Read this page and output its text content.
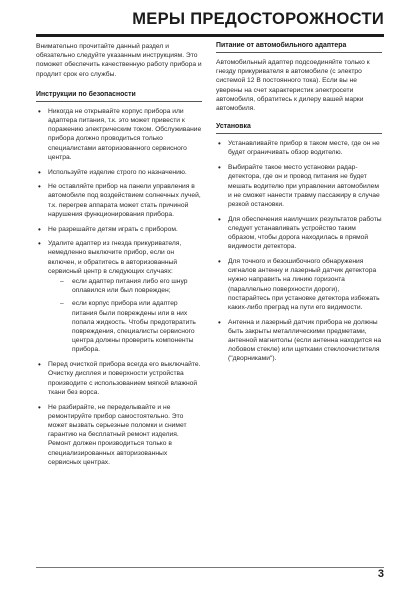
МЕРЫ ПРЕДОСТОРОЖНОСТИ

Внимательно прочитайте данный раздел и обязательно следуйте указанным инструкциям. Это поможет обеспечить качественную работу прибора и продлит срок его службы.

Инструкции по безопасности
• Никогда не открывайте корпус прибора или адаптера питания, т.к. это может привести к поражению электрическим током. Обслуживание прибора должно проводиться только специалистами авторизованного сервисного центра.
• Используйте изделие строго по назначению.
• Не оставляйте прибор на панели управления в автомобиле под воздействием солнечных лучей, т.к. перегрев аппарата может стать причиной нарушения функционирования прибора.
• Не разрешайте детям играть с прибором.
• Удалите адаптер из гнезда прикуривателя, немедленно выключите прибор, если он включен, и обратитесь в авторизованный сервисный центр в следующих случаях:
– если адаптер питания либо его шнур оплавился или был поврежден;
– если корпус прибора или адаптер питания были повреждены или в них попала жидкость. Чтобы предотвратить повреждения, специалисты сервисного центра должны проверить компоненты прибора.
• Перед очисткой прибора всегда его выключайте. Очистку дисплея и поверхности устройства производите с использованием мягкой влажной ткани без ворса.
• Не разбирайте, не переделывайте и не ремонтируйте прибор самостоятельно. Это может вызвать серьезные поломки и снимет гарантию на бесплатный ремонт изделия. Ремонт должен производиться только в специализированных авторизованных сервисных центрах.
Питание от автомобильного адаптера

Автомобильный адаптер подсоединяйте только к гнезду прикуривателя в автомобиле (с электро системой 12 В постоянного тока). Если вы не уверены на счет характеристик электросети автомобиля, обратитесь к дилеру вашей марки автомобиля.

Установка
• Устанавливайте прибор в таком месте, где он не будет ограничивать обзор водителю.
• Выбирайте такое место установки радар-детектора, где он и провод питания не будет мешать водителю при управлении автомобилем и не сможет нанести травму пассажиру в случае резкой остановки.
• Для обеспечения наилучших результатов работы следует устанавливать устройство таким образом, чтобы дорога находилась в прямой видимости детектора.
• Для точного и безошибочного обнаружения сигналов антенну и лазерный датчик детектора нужно направить на линию горизонта (параллельно поверхности дороги), постарайтесь при установке детектора избежать каких-либо преград на пути его видимости.
• Антенна и лазерный датчик прибора не должны быть закрыты металлическими предметами, антенной магнитолы (если антенна находится на лобовом стекле) или щетками стеклоочистителя ("дворниками").
3
